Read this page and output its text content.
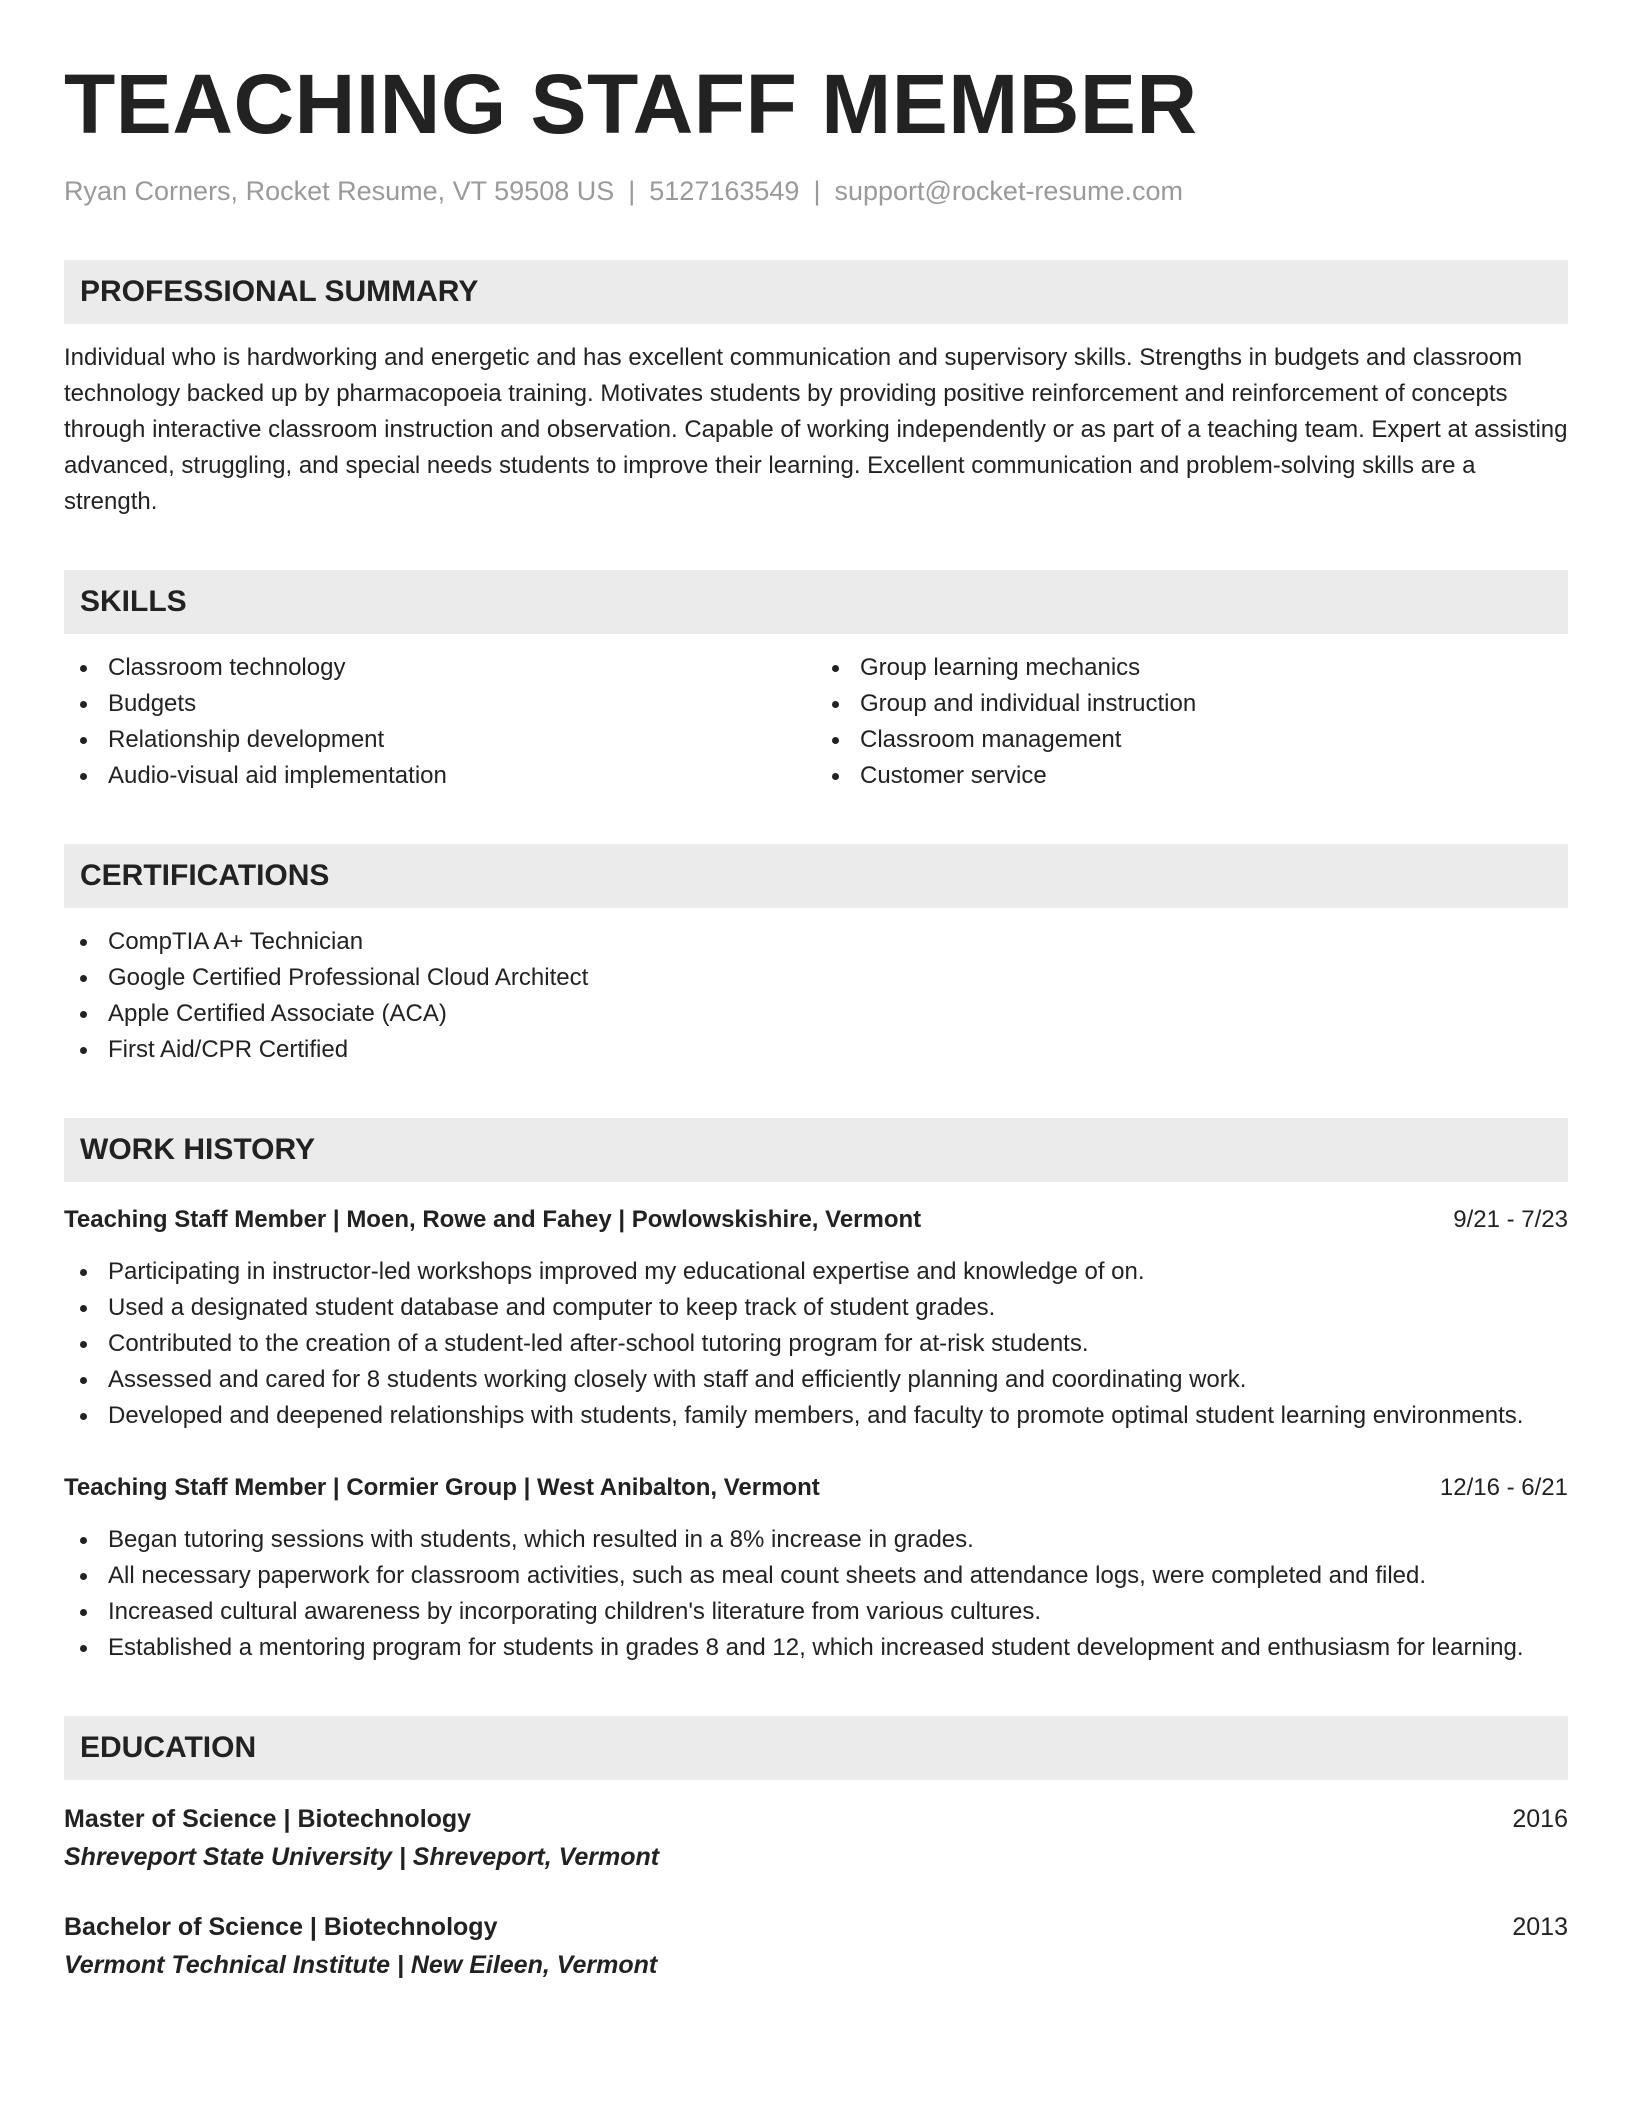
TEACHING STAFF MEMBER
Ryan Corners, Rocket Resume, VT 59508 US | 5127163549 | support@rocket-resume.com
PROFESSIONAL SUMMARY
Individual who is hardworking and energetic and has excellent communication and supervisory skills. Strengths in budgets and classroom technology backed up by pharmacopoeia training. Motivates students by providing positive reinforcement and reinforcement of concepts through interactive classroom instruction and observation. Capable of working independently or as part of a teaching team. Expert at assisting advanced, struggling, and special needs students to improve their learning. Excellent communication and problem-solving skills are a strength.
SKILLS
Classroom technology
Budgets
Relationship development
Audio-visual aid implementation
Group learning mechanics
Group and individual instruction
Classroom management
Customer service
CERTIFICATIONS
CompTIA A+ Technician
Google Certified Professional Cloud Architect
Apple Certified Associate (ACA)
First Aid/CPR Certified
WORK HISTORY
Teaching Staff Member | Moen, Rowe and Fahey | Powlowskishire, Vermont	9/21 - 7/23
Participating in instructor-led workshops improved my educational expertise and knowledge of on.
Used a designated student database and computer to keep track of student grades.
Contributed to the creation of a student-led after-school tutoring program for at-risk students.
Assessed and cared for 8 students working closely with staff and efficiently planning and coordinating work.
Developed and deepened relationships with students, family members, and faculty to promote optimal student learning environments.
Teaching Staff Member | Cormier Group | West Anibalton, Vermont	12/16 - 6/21
Began tutoring sessions with students, which resulted in a 8% increase in grades.
All necessary paperwork for classroom activities, such as meal count sheets and attendance logs, were completed and filed.
Increased cultural awareness by incorporating children's literature from various cultures.
Established a mentoring program for students in grades 8 and 12, which increased student development and enthusiasm for learning.
EDUCATION
Master of Science | Biotechnology	2016
Shreveport State University | Shreveport, Vermont
Bachelor of Science | Biotechnology	2013
Vermont Technical Institute | New Eileen, Vermont
